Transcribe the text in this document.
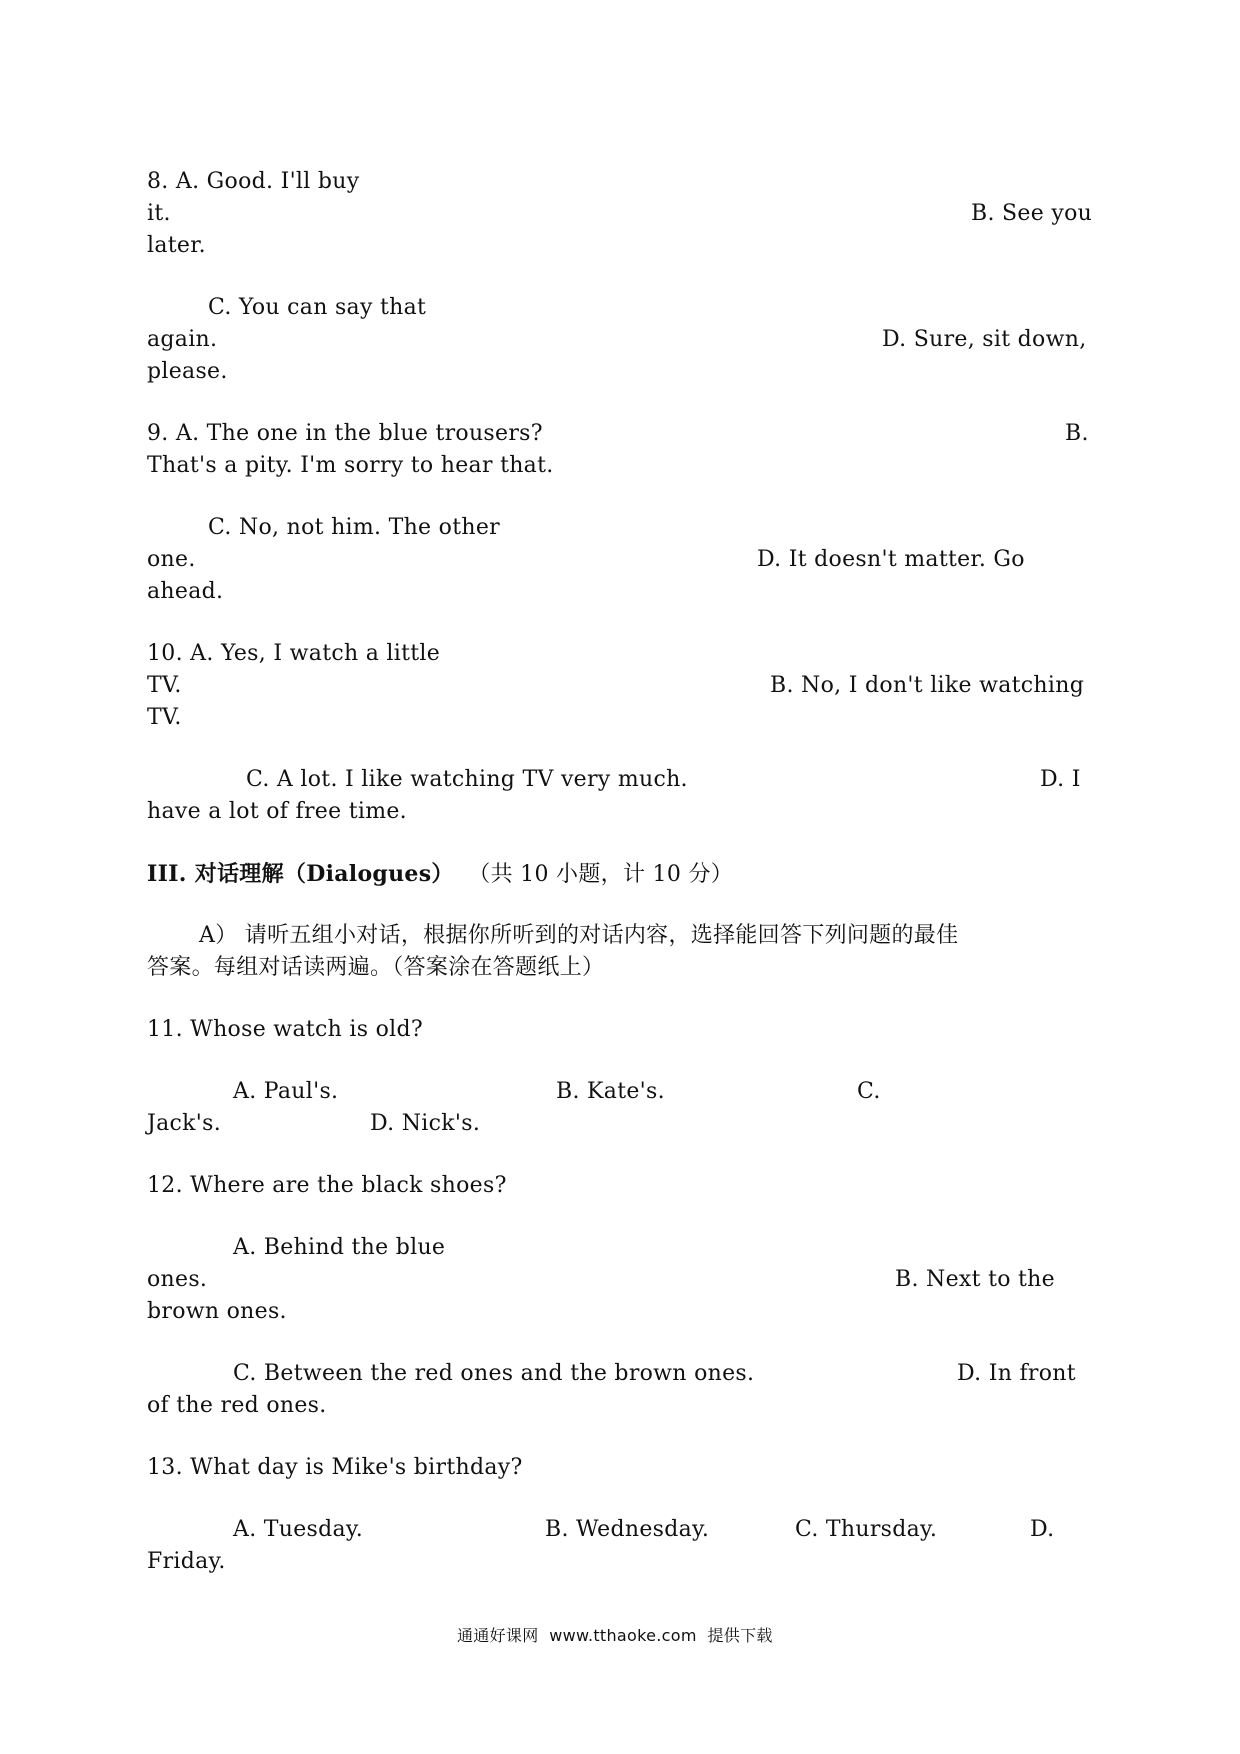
8. A. Good. I'll buy
it.	B. See you
later.
C. You can say that
again.	D. Sure, sit down,
please.
9. A. The one in the blue trousers?	B.
That's a pity. I'm sorry to hear that.
C. No, not him. The other
one.	D. It doesn't matter. Go
ahead.
10. A. Yes, I watch a little
TV.	B. No, I don't like watching
TV.
C. A lot. I like watching TV very much.	D. I
have a lot of free time.
III. 对话理解（Dialogues） （共 10 小题，计 10 分）
A） 请听五组小对话，根据你所听到的对话内容，选择能回答下列问题的最佳
答案。每组对话读两遍。（答案涂在答题纸上）
11. Whose watch is old?
A. Paul's.	B. Kate's.	C.
Jack's.	D. Nick's.
12. Where are the black shoes?
A. Behind the blue
ones.	B. Next to the
brown ones.
C. Between the red ones and the brown ones.	D. In front
of the red ones.
13. What day is Mike's birthday?
A. Tuesday.	B. Wednesday.	C. Thursday.	D.
Friday.
通通好课网  www.tthaoke.com  提供下载
